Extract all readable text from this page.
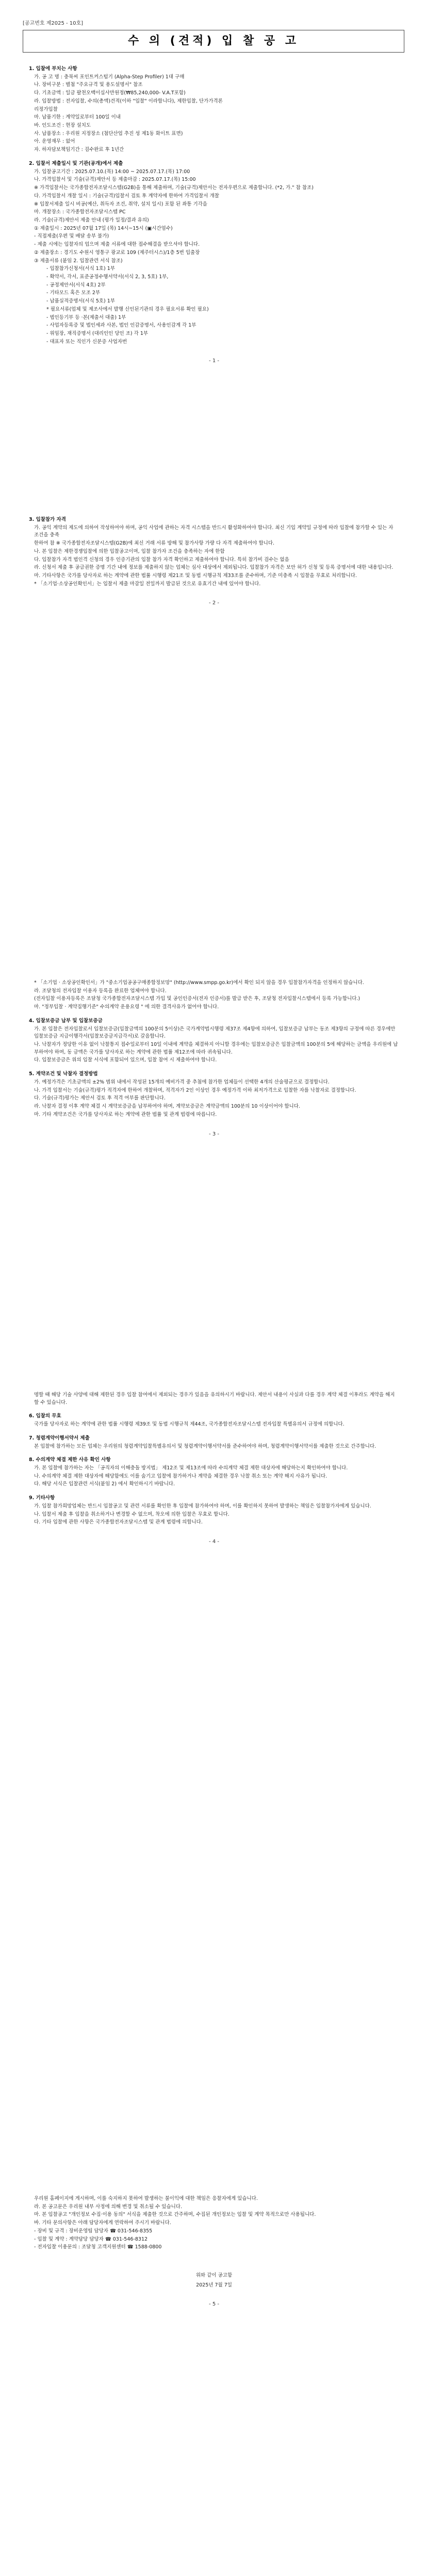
[공고번호 제2025 - 10호]
수 의 (견적) 입 찰 공 고
1. 입찰에 부치는 사항
가. 공 고 명 : 충북씨 포인트커스텀기 (Alpha-Step Profiler) 1대 구매
나. 장비구분 : 별첨 "주요규격 및 용도설명서" 참조
다. 기초금액 : 일금 팔천오백이십사만원정(₩85,240,000- V.A.T포함)
라. 입찰방법 : 전자입찰, 수의(총액)견적(이하 "입찰" 이라합니다), 제한입찰, 단가가격론
리정가입찰
마. 납품기한 : 계약일로부터 100일 이내
바. 인도조건 : 현장 설치도
사. 납품장소 : 우리원 지정장소 (첨단산업 추진 성 제1동 화이트 표면)
아. 운영재무 : 없어
자. 하자담보책임기간 : 검수완료 후 1년간
2. 입찰서 제출일시 및 기관(공개)에서 제출
가. 입찰공고기간 : 2025.07.10.(목) 14:00 ~ 2025.07.17.(목) 17:00
나. 가격입찰서 및 기술(규격)제안서 등 제출마감 : 2025.07.17.(목) 15:00
※ 가격입찰서는 국가종합전자조달시스템(G2B)을 통해 제출하며, 기술(규격)제안서는 전자우편으로 제출합니다. (*2, 가." 참 참조)
다. 가격입찰서 개찰 일시 : 기술(규격)입찰서 검토 후 계약자에 한하여 가격입찰서 개찰
※ 입찰서제출 일시 비공(예산, 취득자 조건, 취약, 설치 일시) 포함 된 좌통 기각을
마. 개찰장소 : 국가종합전자조달시스템 PC
라. 기술(규격)제안서 제출 안내 (평가 일정/결과 유의)
① 제출일시 : 2025년 07월 17일 (목) 14시~15시 (▣시간엄수)
- 직접제출(우편 및 배달 송부 불가)
- 제출 시에는 입찰자의 업으며 제출 서류에 대한 접수해결을 받으셔야 합니다.
② 제출장소 : 경기도 수원시 영통구 광교로 109 (제주터시스)/1층 5번 입출장
③ 제출서류 (붙임 2. 입찰관련 서식 참조)
- 입찰참가신청서(서식 1호) 1부
- 확약서, 각서, 표준공정수행서약서(서식 2, 3, 5호) 1부,
- 공정제안서(서식 4호) 2부
- 기타모드 혹은 모조 2부
- 납품실적증명서(서식 5호) 1부
* 필요서류(업체 및 제조사에서 발행 신인된기관의 경우 필요서류 확인 필요)
- 법인등기부 등 ·본(제출서 대출) 1부
- 사업자등록증 및 법인세과 사본, 법인 인감증명서, 사용인감계 각 1부
- 위임장, 재직증명서 (대리인인 당인 조) 각 1부
- 대표자 또는 직인가 신분증 사업자번
- 1 -
3. 입찰참가 자격
가. 공익 계약의 제도에 의하여 작성하여야 하며, 공익 사업에 관하는 자격 시스템을 반드시 활성화하여야 합니다. 최신 기입 계약일 규정에 따라 입찰에 참가할 수 있는 자 조건을 충족
한하여 참 ※ 국가종합전자조달시스템(G2B)에 최신 거래 서류 방해 및 참가사항 가량 다 자격 제출하여야 합니다.
나. 본 입찰은 제한경쟁입찰에 의한 입찰공고이며, 입찰 참가자 조건을 충족하는 자에 한함
다. 입찰참가 자격 법인격 신청의 경우 인증기관의 입찰 참가 자격 확인하고 제출하여야 합니다. 특히 참가비 검수는 없음
라. 신청서 제출 후 공급권한 증명 기간 내에 정보를 제출하지 않는 업체는 심사 대상에서 제외됩니다. 입찰참가 자격은 보안 허가 신청 및 등록 증명서에 대한 내용입니다.
마. 기타사항은 국가를 당사자로 하는 계약에 관한 법률 시행령 제21조 및 동법 시행규칙 제33조를 준수하며, 기준 미충족 시 입찰을 무효로 처리합니다.
* 「소기업·소상공인확인서」는 입찰서 제출 마감일 전일까지 발급된 것으로 유효기간 내에 있어야 합니다.
- 2 -
* 「소기업 · 소상공인확인서」가 "중소기업공공구매종합정보망" (http://www.smpp.go.kr)에서 확인 되지 않을 경우 입찰참가자격을 인정하지 않습니다.
라. 조달청의 전자입찰 이용자 등록을 완료한 업체여야 합니다.
(전자입찰 이용자등록은 조달청 국가종합전자조달시스템 가입 및 공인인증서(전자 인증서)를 발급 받은 후, 조달청 전자입찰시스템에서 등록 가능합니다.)
마. "정부입찰 · 계약집행기준" 수의계약 운용요령 " 에 의한 결격사유가 없어야 합니다.
4. 입찰보증금 납부 및 입찰보증금
가. 본 입찰은 전자입찰로서 입찰보증금(입찰금액의 100분의 5이상)은 국가계약법시행령 제37조 제4항에 의하여, 입찰보증금 납부는 동조 제3항의 규정에 따른 경우에만 입찰보증금 지급이행각서(입찰보증금지급각서)로 갈음합니다.
나. 낙찰자가 정당한 이유 없이 낙찰통지 접수일로부터 10일 이내에 계약을 체결하지 아니할 경우에는 입찰보증금은 입찰금액의 100분의 5에 해당하는 금액을 우리원에 납부하여야 하며, 동 금액은 국가를 당사자로 하는 계약에 관한 법률 제12조에 따라 귀속됩니다.
다. 입찰보증금은 위의 입찰 서식에 포함되어 있으며, 입찰 참여 시 제출하여야 합니다.
5. 계약조건 및 낙찰자 결정방법
가. 예정가격은 기초금액의 ±2% 범위 내에서 작성된 15개의 예비가격 중 추첨에 참가한 업체들이 선택한 4개의 산술평균으로 결정합니다.
나. 가격 입찰서는 기술(규격)평가 적격자에 한하여 개찰하며, 적격자가 2인 이상인 경우 예정가격 이하 최저가격으로 입찰한 자를 낙찰자로 결정합니다.
다. 기술(규격)평가는 제안서 검토 후 적격 여부를 판단합니다.
라. 낙찰자 결정 이후 계약 체결 시 계약보증금을 납부하여야 하며, 계약보증금은 계약금액의 100분의 10 이상이어야 합니다.
마. 기타 계약조건은 국가를 당사자로 하는 계약에 관한 법률 및 관계 법령에 따릅니다.
- 3 -
명할 때 해당 기술 사양에 대해 제한된 경우 입찰 참여에서 제외되는 경우가 있음을 유의하시기 바랍니다. 제안서 내용이 사실과 다를 경우 계약 체결 이후라도 계약을 해지할 수 있습니다.
6. 입찰의 무효
국가를 당사자로 하는 계약에 관한 법률 시행령 제39조 및 동법 시행규칙 제44조, 국가종합전자조달시스템 전자입찰 특별유의서 규정에 의합니다.
7. 청렴계약이행서약서 제출
본 입찰에 참가하는 모든 업체는 우리원의 청렴계약입찰특별유의서 및 청렴계약이행서약서를 준수하여야 하며, 청렴계약이행서약서를 제출한 것으로 간주합니다.
8. 수의계약 체결 제한 사유 확인 사항
가. 본 입찰에 참가하는 자는 「공직자의 이해충돌 방지법」 제12조 및 제13조에 따라 수의계약 체결 제한 대상자에 해당하는지 확인하여야 합니다.
나. 수의계약 체결 제한 대상자에 해당함에도 이를 숨기고 입찰에 참가하거나 계약을 체결한 경우 낙찰 취소 또는 계약 해지 사유가 됩니다.
다. 해당 서식은 입찰관련 서식(붙임 2) 에서 확인하시기 바랍니다.
9. 기타사항
가. 입찰 참가희망업체는 반드시 입찰공고 및 관련 서류를 확인한 후 입찰에 참가하여야 하며, 이를 확인하지 못하여 발생하는 책임은 입찰참가자에게 있습니다.
나. 입찰서 제출 후 입찰을 취소하거나 변경할 수 없으며, 착오에 의한 입찰은 무효로 합니다.
다. 기타 입찰에 관한 사항은 국가종합전자조달시스템 및 관계 법령에 의합니다.
- 4 -
우리원 홈페이지에 게시하며, 이를 숙지하지 못하여 발생하는 불이익에 대한 책임은 응찰자에게 있습니다.
라. 본 공고문은 우리원 내부 사정에 의해 변경 및 취소될 수 있습니다.
마. 본 입찰공고 "개인정보 수집·이용 동의" 서식을 제출한 것으로 간주하며, 수집된 개인정보는 입찰 및 계약 목적으로만 사용됩니다.
바. 기타 문의사항은 아래 담당자에게 연락하여 주시기 바랍니다.
- 장비 및 규격 : 장비운영팀 담당자 ☎ 031-546-8355
- 입찰 및 계약 : 계약담당 담당자 ☎ 031-546-8312
- 전자입찰 이용문의 : 조달청 고객지원센터 ☎ 1588-0800
위와 같이 공고함
2025년 7월 7일
- 5 -
